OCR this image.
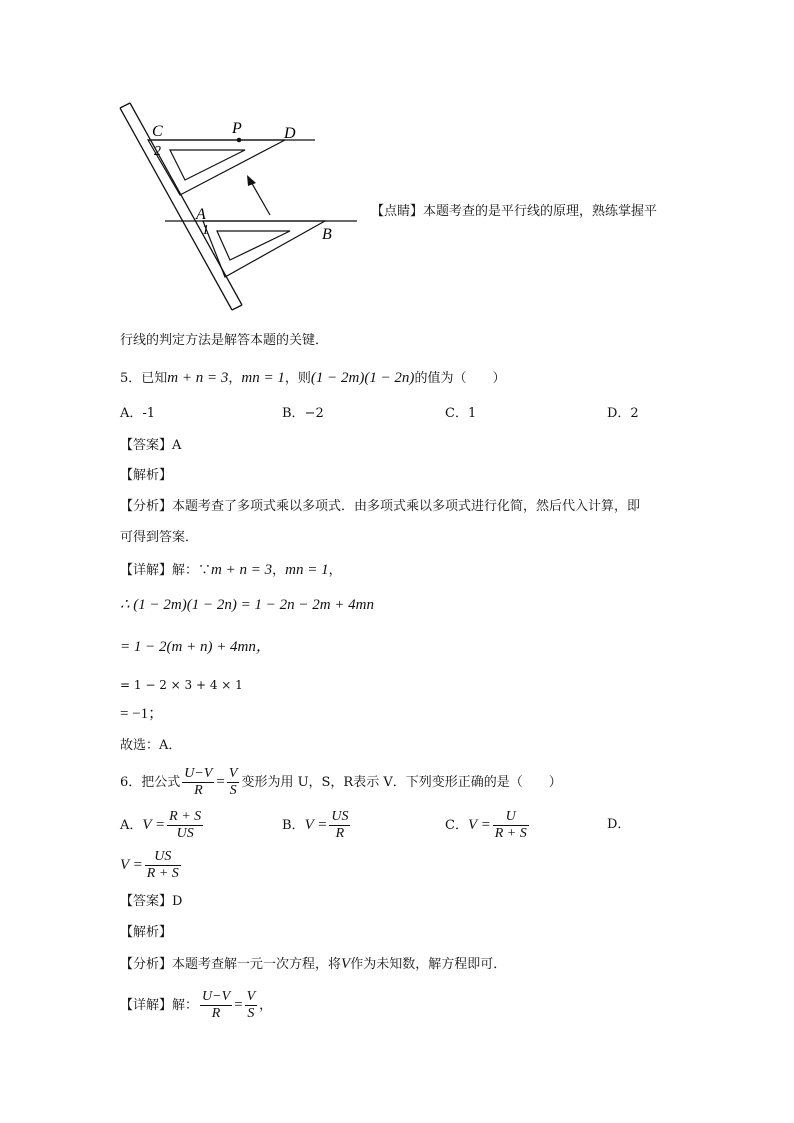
C
2
P	D
A
1	B
【点睛】本题考查的是平行线的原理，熟练掌握平
行线的判定方法是解答本题的关键．
5．已知m + n = 3，mn = 1，则(1 − 2m)(1 − 2n)的值为（　　）
A．-1	B．−2	C．1	D．2
【答案】A
【解析】
【分析】本题考查了多项式乘以多项式．由多项式乘以多项式进行化简，然后代入计算，即
可得到答案．
【详解】解：∵m + n = 3，mn = 1，
∴ (1 − 2m)(1 − 2n) = 1 − 2n − 2m + 4mn
= 1 − 2(m + n) + 4mn，
= 1 − 2 × 3 + 4 × 1
= −1；
故选：A．
6．把公式 $\frac{U-V}{R} = \frac{V}{S}$ 变形为用 U，S，R表示 V．下列变形正确的是（　　）
A．$V = \frac{R + S}{US}$	B．$V = \frac{US}{R}$	C．$V = \frac{U}{R + S}$	D．
$V = \frac{US}{R + S}$
【答案】D
【解析】
【分析】本题考查解一元一次方程，将V作为未知数，解方程即可．
【详解】解： $\frac{U-V}{R} = \frac{V}{S}$ ，
